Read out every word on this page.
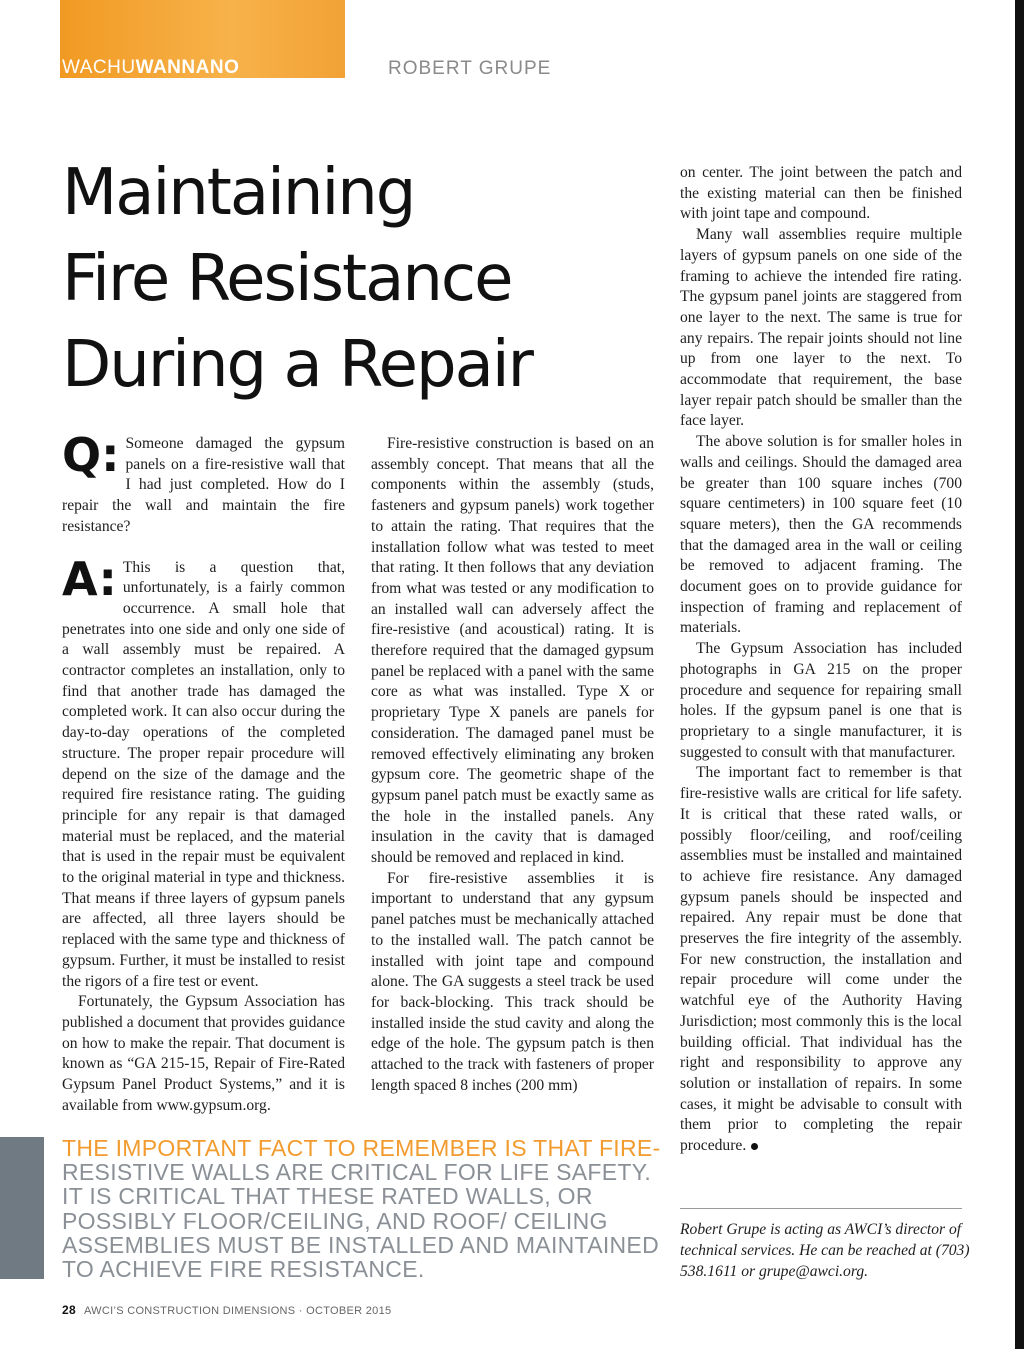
WACHUWANNANO	ROBERT GRUPE
Maintaining
Fire Resistance
During a Repair

Q: Someone damaged the gypsum panels on a fire-resistive wall that I had just completed. How do I repair the wall and maintain the fire resistance?

A: This is a question that, unfortunately, is a fairly common occurrence. A small hole that penetrates into one side and only one side of a wall assembly must be repaired. A contractor completes an installation, only to find that another trade has damaged the completed work. It can also occur during the day-to-day operations of the completed structure. The proper repair procedure will depend on the size of the damage and the required fire resistance rating. The guiding principle for any repair is that damaged material must be replaced, and the material that is used in the repair must be equivalent to the original material in type and thickness. That means if three layers of gypsum panels are affected, all three layers should be replaced with the same type and thickness of gypsum. Further, it must be installed to resist the rigors of a fire test or event.

Fortunately, the Gypsum Association has published a document that provides guidance on how to make the repair. That document is known as “GA 215-15, Repair of Fire-Rated Gypsum Panel Product Systems,” and it is available from www.gypsum.org.

Fire-resistive construction is based on an assembly concept. That means that all the components within the assembly (studs, fasteners and gypsum panels) work together to attain the rating. That requires that the installation follow what was tested to meet that rating. It then follows that any deviation from what was tested or any modification to an installed wall can adversely affect the fire-resistive (and acoustical) rating. It is therefore required that the damaged gypsum panel be replaced with a panel with the same core as what was installed. Type X or proprietary Type X panels are panels for consideration. The damaged panel must be removed effectively eliminating any broken gypsum core. The geometric shape of the gypsum panel patch must be exactly same as the hole in the installed panels. Any insulation in the cavity that is damaged should be removed and replaced in kind.

For fire-resistive assemblies it is important to understand that any gypsum panel patches must be mechanically attached to the installed wall. The patch cannot be installed with joint tape and compound alone. The GA suggests a steel track be used for back-blocking. This track should be installed inside the stud cavity and along the edge of the hole. The gypsum patch is then attached to the track with fasteners of proper length spaced 8 inches (200 mm)

on center. The joint between the patch and the existing material can then be finished with joint tape and compound.

Many wall assemblies require multiple layers of gypsum panels on one side of the framing to achieve the intended fire rating. The gypsum panel joints are staggered from one layer to the next. The same is true for any repairs. The repair joints should not line up from one layer to the next. To accommodate that requirement, the base layer repair patch should be smaller than the face layer.

The above solution is for smaller holes in walls and ceilings. Should the damaged area be greater than 100 square inches (700 square centimeters) in 100 square feet (10 square meters), then the GA recommends that the damaged area in the wall or ceiling be removed to adjacent framing. The document goes on to provide guidance for inspection of framing and replacement of materials.

The Gypsum Association has included photographs in GA 215 on the proper procedure and sequence for repairing small holes. If the gypsum panel is one that is proprietary to a single manufacturer, it is suggested to consult with that manufacturer.

The important fact to remember is that fire-resistive walls are critical for life safety. It is critical that these rated walls, or possibly floor/ceiling, and roof/ceiling assemblies must be installed and maintained to achieve fire resistance. Any damaged gypsum panels should be inspected and repaired. Any repair must be done that preserves the fire integrity of the assembly. For new construction, the installation and repair procedure will come under the watchful eye of the Authority Having Jurisdiction; most commonly this is the local building official. That individual has the right and responsibility to approve any solution or installation of repairs. In some cases, it might be advisable to consult with them prior to completing the repair procedure.

Robert Grupe is acting as AWCI’s director of technical services. He can be reached at (703) 538.1611 or grupe@awci.org.
THE IMPORTANT FACT TO REMEMBER IS THAT FIRE- RESISTIVE WALLS ARE CRITICAL FOR LIFE SAFETY. IT IS CRITICAL THAT THESE RATED WALLS, OR POSSIBLY FLOOR/CEILING, AND ROOF/ CEILING ASSEMBLIES MUST BE INSTALLED AND MAINTAINED TO ACHIEVE FIRE RESISTANCE.
28 AWCI’S CONSTRUCTION DIMENSIONS · OCTOBER 2015
